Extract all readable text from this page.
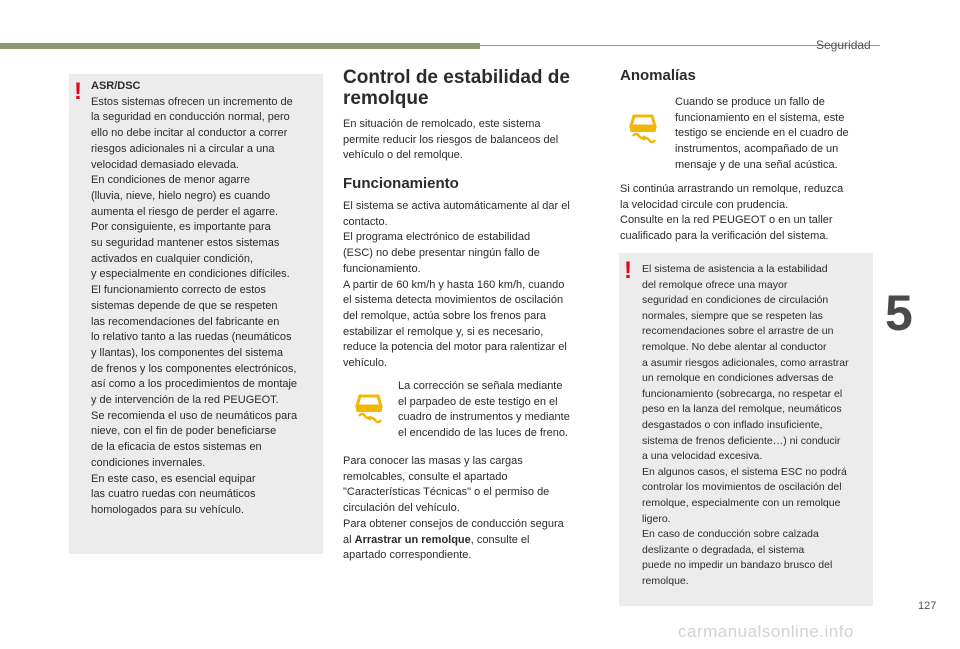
Seguridad
5
127
carmanualsonline.info
! ASR/DSC
Estos sistemas ofrecen un incremento de
la seguridad en conducción normal, pero
ello no debe incitar al conductor a correr
riesgos adicionales ni a circular a una
velocidad demasiado elevada.
En condiciones de menor agarre
(lluvia, nieve, hielo negro) es cuando
aumenta el riesgo de perder el agarre.
Por consiguiente, es importante para
su seguridad mantener estos sistemas
activados en cualquier condición,
y especialmente en condiciones difíciles.
El funcionamiento correcto de estos
sistemas depende de que se respeten
las recomendaciones del fabricante en
lo relativo tanto a las ruedas (neumáticos
y llantas), los componentes del sistema
de frenos y los componentes electrónicos,
así como a los procedimientos de montaje
y de intervención de la red PEUGEOT.
Se recomienda el uso de neumáticos para
nieve, con el fin de poder beneficiarse
de la eficacia de estos sistemas en
condiciones invernales.
En este caso, es esencial equipar
las cuatro ruedas con neumáticos
homologados para su vehículo.
Control de estabilidad de
remolque
En situación de remolcado, este sistema
permite reducir los riesgos de balanceos del
vehículo o del remolque.
Funcionamiento
El sistema se activa automáticamente al dar el
contacto.
El programa electrónico de estabilidad
(ESC) no debe presentar ningún fallo de
funcionamiento.
A partir de 60 km/h y hasta 160 km/h, cuando
el sistema detecta movimientos de oscilación
del remolque, actúa sobre los frenos para
estabilizar el remolque y, si es necesario,
reduce la potencia del motor para ralentizar el
vehículo.
La corrección se señala mediante
el parpadeo de este testigo en el
cuadro de instrumentos y mediante
el encendido de las luces de freno.
Para conocer las masas y las cargas
remolcables, consulte el apartado
"Características Técnicas" o el permiso de
circulación del vehículo.
Para obtener consejos de conducción segura
al Arrastrar un remolque, consulte el
apartado correspondiente.
Anomalías
Cuando se produce un fallo de
funcionamiento en el sistema, este
testigo se enciende en el cuadro de
instrumentos, acompañado de un
mensaje y de una señal acústica.
Si continúa arrastrando un remolque, reduzca
la velocidad circule con prudencia.
Consulte en la red PEUGEOT o en un taller
cualificado para la verificación del sistema.
! El sistema de asistencia a la estabilidad
del remolque ofrece una mayor
seguridad en condiciones de circulación
normales, siempre que se respeten las
recomendaciones sobre el arrastre de un
remolque. No debe alentar al conductor
a asumir riesgos adicionales, como arrastrar
un remolque en condiciones adversas de
funcionamiento (sobrecarga, no respetar el
peso en la lanza del remolque, neumáticos
desgastados o con inflado insuficiente,
sistema de frenos deficiente…) ni conducir
a una velocidad excesiva.
En algunos casos, el sistema ESC no podrá
controlar los movimientos de oscilación del
remolque, especialmente con un remolque
ligero.
En caso de conducción sobre calzada
deslizante o degradada, el sistema
puede no impedir un bandazo brusco del
remolque.
